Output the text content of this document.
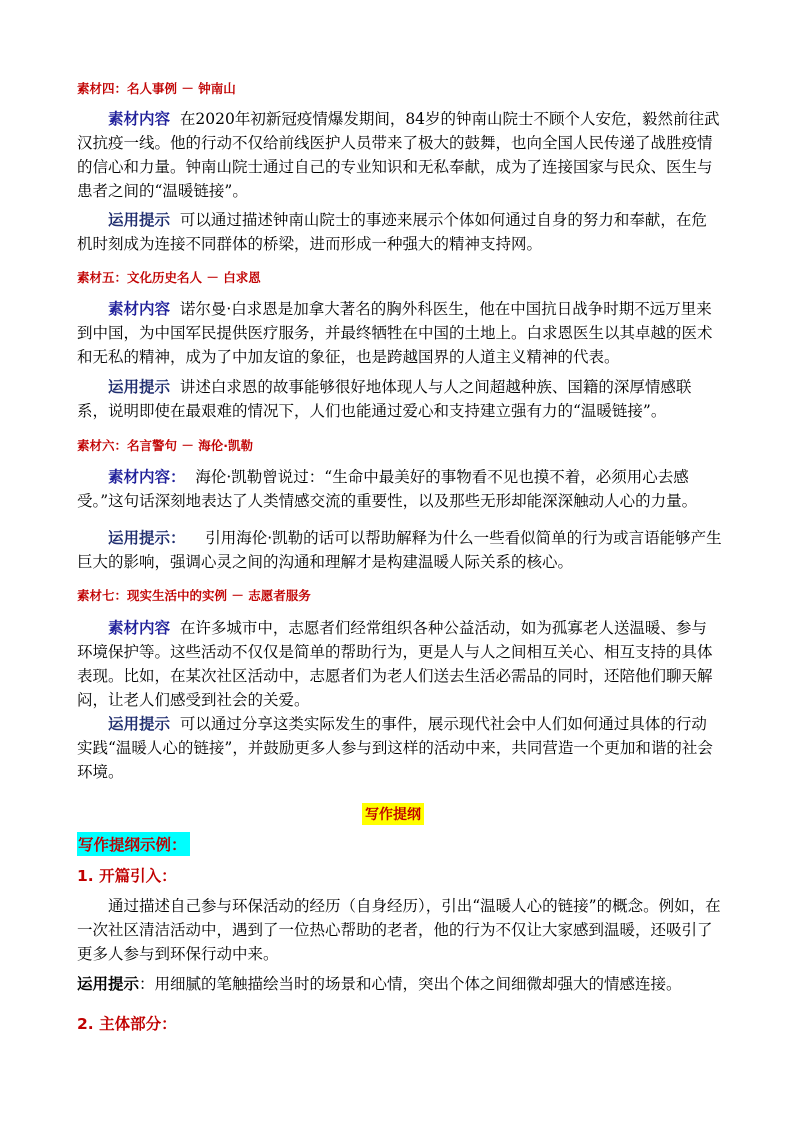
素材四：名人事例 － 钟南山

素材内容 在2020年初新冠疫情爆发期间，84岁的钟南山院士不顾个人安危，毅然前往武汉抗疫一线。他的行动不仅给前线医护人员带来了极大的鼓舞，也向全国人民传递了战胜疫情的信心和力量。钟南山院士通过自己的专业知识和无私奉献，成为了连接国家与民众、医生与患者之间的“温暖链接”。

运用提示 可以通过描述钟南山院士的事迹来展示个体如何通过自身的努力和奉献，在危机时刻成为连接不同群体的桥梁，进而形成一种强大的精神支持网。

素材五：文化历史名人 － 白求恩

素材内容 诺尔曼·白求恩是加拿大著名的胸外科医生，他在中国抗日战争时期不远万里来到中国，为中国军民提供医疗服务，并最终牺牲在中国的土地上。白求恩医生以其卓越的医术和无私的精神，成为了中加友谊的象征，也是跨越国界的人道主义精神的代表。

运用提示 讲述白求恩的故事能够很好地体现人与人之间超越种族、国籍的深厚情感联系，说明即使在最艰难的情况下，人们也能通过爱心和支持建立强有力的“温暖链接”。

素材六：名言警句 － 海伦·凯勒

素材内容： 海伦·凯勒曾说过：“生命中最美好的事物看不见也摸不着，必须用心去感受。”这句话深刻地表达了人类情感交流的重要性，以及那些无形却能深深触动人心的力量。

运用提示： 引用海伦·凯勒的话可以帮助解释为什么一些看似简单的行为或言语能够产生巨大的影响，强调心灵之间的沟通和理解才是构建温暖人际关系的核心。

素材七：现实生活中的实例 － 志愿者服务

素材内容 在许多城市中，志愿者们经常组织各种公益活动，如为孤寡老人送温暖、参与环境保护等。这些活动不仅仅是简单的帮助行为，更是人与人之间相互关心、相互支持的具体表现。比如，在某次社区活动中，志愿者们为老人们送去生活必需品的同时，还陪他们聊天解闷，让老人们感受到社会的关爱。

运用提示 可以通过分享这类实际发生的事件，展示现代社会中人们如何通过具体的行动实践“温暖人心的链接”，并鼓励更多人参与到这样的活动中来，共同营造一个更加和谐的社会环境。

写作提纲
写作提纲示例：
1. 开篇引入：

通过描述自己参与环保活动的经历（自身经历），引出“温暖人心的链接”的概念。例如，在一次社区清洁活动中，遇到了一位热心帮助的老者，他的行为不仅让大家感到温暖，还吸引了更多人参与到环保行动中来。

运用提示：用细腻的笔触描绘当时的场景和心情，突出个体之间细微却强大的情感连接。

2. 主体部分：
